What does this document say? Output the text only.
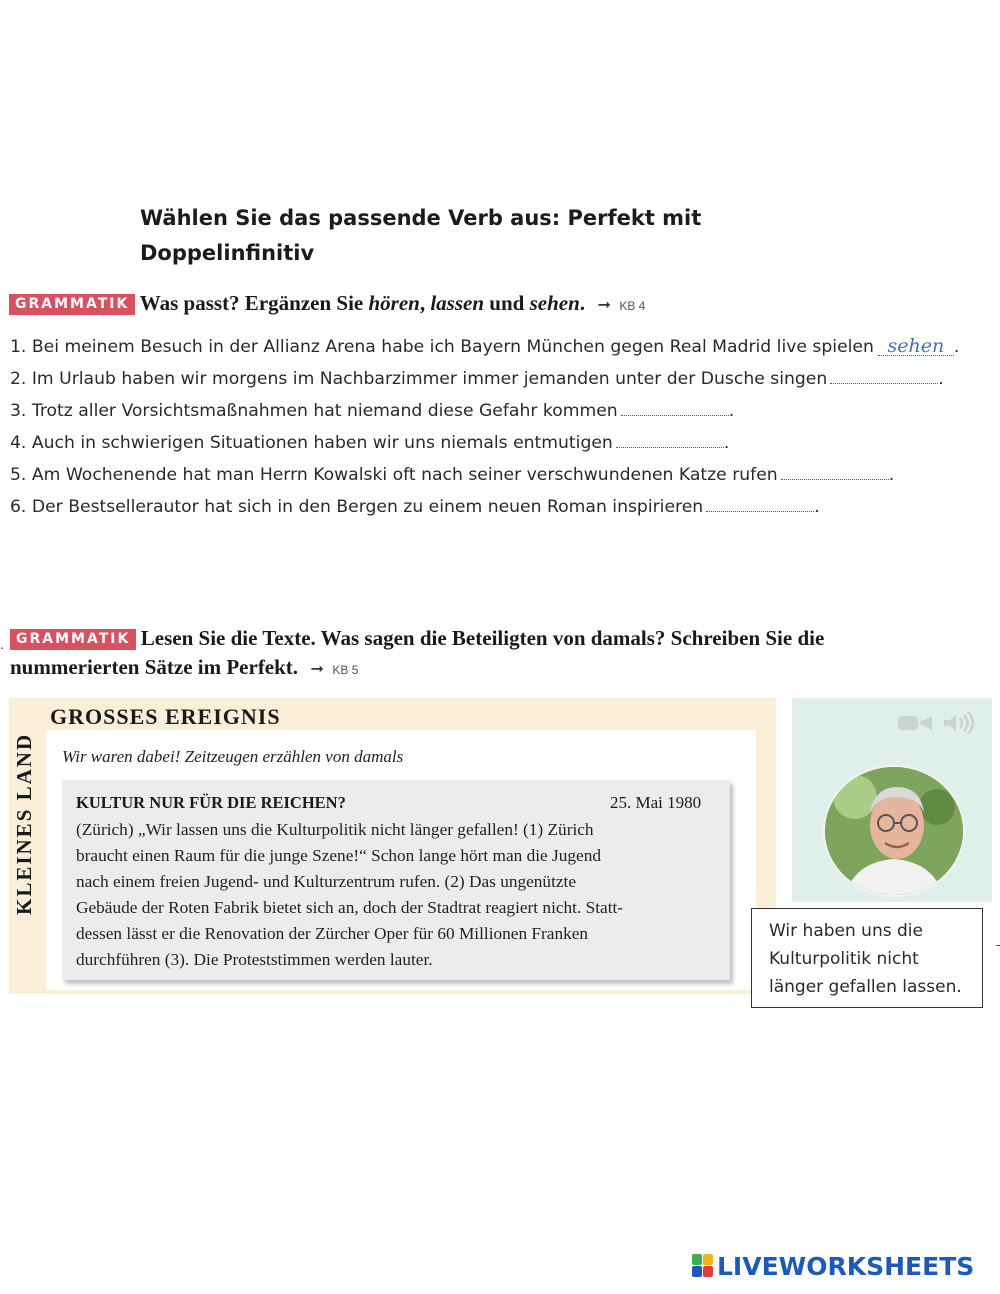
Wählen Sie das passende Verb aus: Perfekt mit
Doppelinfinitiv
GRAMMATIK Was passt? Ergänzen Sie hören, lassen und sehen. ➞ KB 4
1. Bei meinem Besuch in der Allianz Arena habe ich Bayern München gegen Real Madrid live spielen sehen .
2. Im Urlaub haben wir morgens im Nachbarzimmer immer jemanden unter der Dusche singen	.
3. Trotz aller Vorsichtsmaßnahmen hat niemand diese Gefahr kommen	.
4. Auch in schwierigen Situationen haben wir uns niemals entmutigen	.
5. Am Wochenende hat man Herrn Kowalski oft nach seiner verschwundenen Katze rufen	.
6. Der Bestsellerautor hat sich in den Bergen zu einem neuen Roman inspirieren	.
. GRAMMATIK Lesen Sie die Texte. Was sagen die Beteiligten von damals? Schreiben Sie die
nummerierten Sätze im Perfekt. ➞ KB 5
KLEINES LAND
GROSSES EREIGNIS
Wir waren dabei! Zeitzeugen erzählen von damals
KULTUR NUR FÜR DIE REICHEN?	25. Mai 1980
(Zürich) „Wir lassen uns die Kulturpolitik nicht länger gefallen! (1) Zürich
braucht einen Raum für die junge Szene!“ Schon lange hört man die Jugend
nach einem freien Jugend- und Kulturzentrum rufen. (2) Das ungenützte
Gebäude der Roten Fabrik bietet sich an, doch der Stadtrat reagiert nicht. Statt-
dessen lässt er die Renovation der Zürcher Oper für 60 Millionen Franken
durchführen (3). Die Proteststimmen werden lauter.
Wir haben uns die
Kulturpolitik nicht
länger gefallen lassen.
LIVEWORKSHEETS
